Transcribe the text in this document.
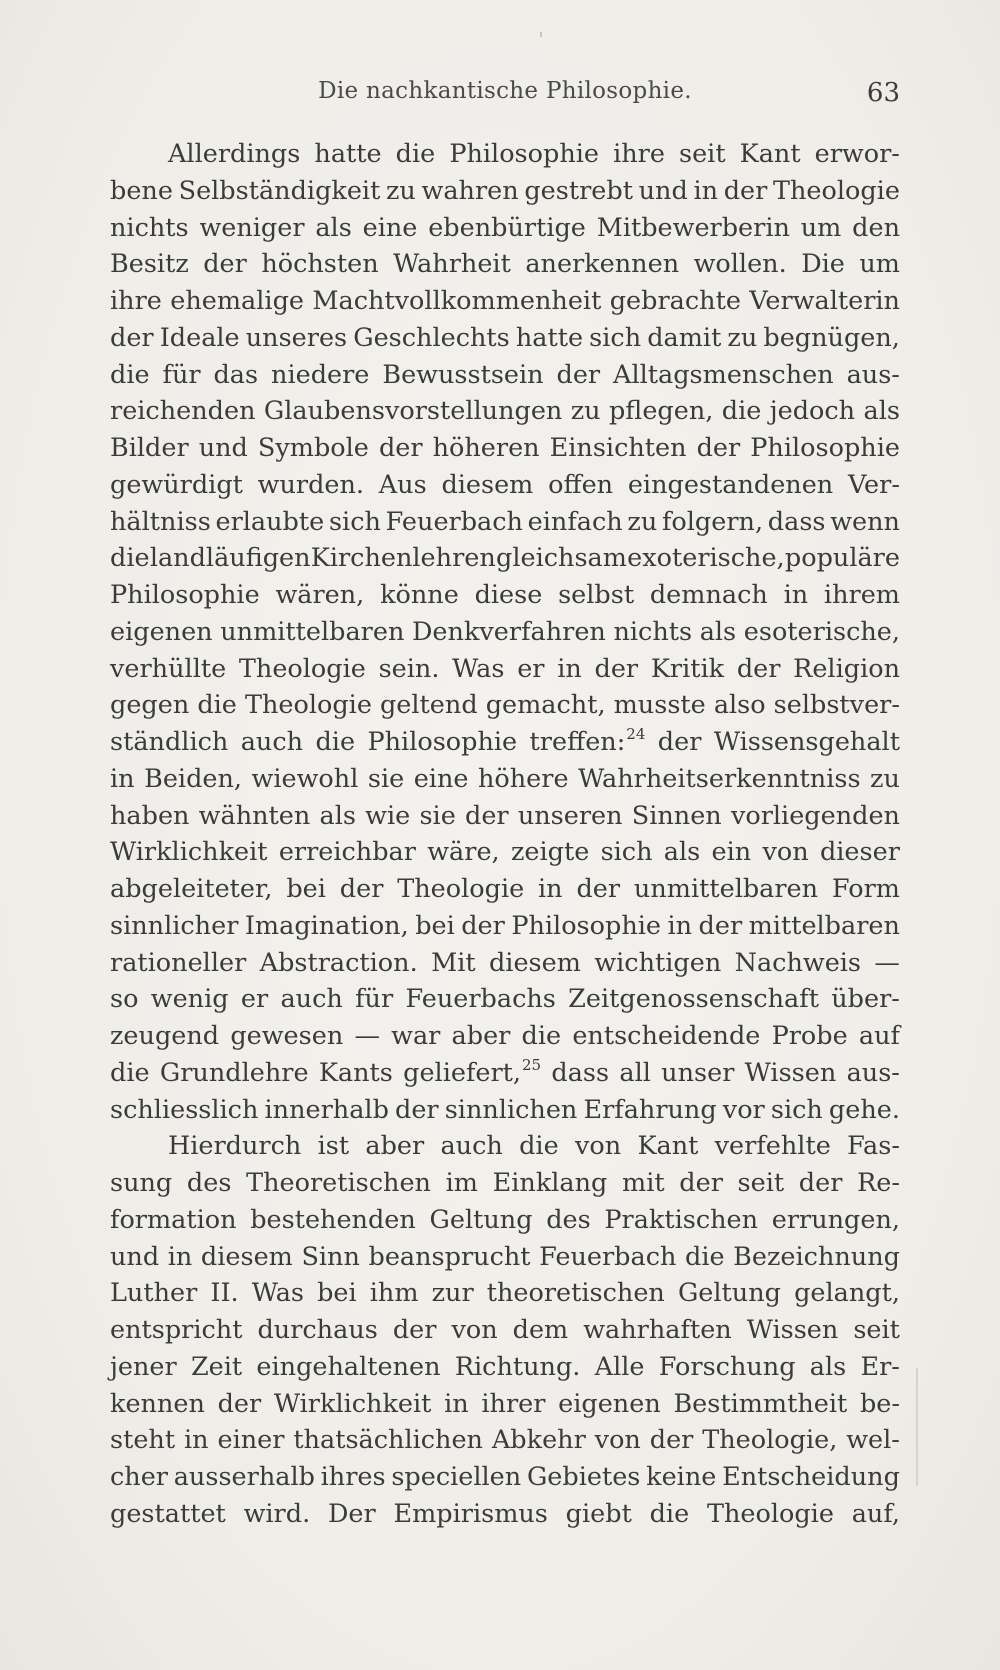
Die nachkantische Philosophie.	63
Allerdings hatte die Philosophie ihre seit Kant erwor-
bene Selbständigkeit zu wahren gestrebt und in der Theologie
nichts weniger als eine ebenbürtige Mitbewerberin um den
Besitz der höchsten Wahrheit anerkennen wollen. Die um
ihre ehemalige Machtvollkommenheit gebrachte Verwalterin
der Ideale unseres Geschlechts hatte sich damit zu begnügen,
die für das niedere Bewusstsein der Alltagsmenschen aus-
reichenden Glaubensvorstellungen zu pflegen, die jedoch als
Bilder und Symbole der höheren Einsichten der Philosophie
gewürdigt wurden. Aus diesem offen eingestandenen Ver-
hältniss erlaubte sich Feuerbach einfach zu folgern, dass wenn
die landläufigen Kirchenlehren gleichsam exoterische, populäre
Philosophie wären, könne diese selbst demnach in ihrem
eigenen unmittelbaren Denkverfahren nichts als esoterische,
verhüllte Theologie sein. Was er in der Kritik der Religion
gegen die Theologie geltend gemacht, musste also selbstver-
ständlich auch die Philosophie treffen:$^{24}$ der Wissensgehalt
in Beiden, wiewohl sie eine höhere Wahrheitserkenntniss zu
haben wähnten als wie sie der unseren Sinnen vorliegenden
Wirklichkeit erreichbar wäre, zeigte sich als ein von dieser
abgeleiteter, bei der Theologie in der unmittelbaren Form
sinnlicher Imagination, bei der Philosophie in der mittelbaren
rationeller Abstraction. Mit diesem wichtigen Nachweis —
so wenig er auch für Feuerbachs Zeitgenossenschaft über-
zeugend gewesen — war aber die entscheidende Probe auf
die Grundlehre Kants geliefert,$^{25}$ dass all unser Wissen aus-
schliesslich innerhalb der sinnlichen Erfahrung vor sich gehe.
Hierdurch ist aber auch die von Kant verfehlte Fas-
sung des Theoretischen im Einklang mit der seit der Re-
formation bestehenden Geltung des Praktischen errungen,
und in diesem Sinn beansprucht Feuerbach die Bezeichnung
Luther II. Was bei ihm zur theoretischen Geltung gelangt,
entspricht durchaus der von dem wahrhaften Wissen seit
jener Zeit eingehaltenen Richtung. Alle Forschung als Er-
kennen der Wirklichkeit in ihrer eigenen Bestimmtheit be-
steht in einer thatsächlichen Abkehr von der Theologie, wel-
cher ausserhalb ihres speciellen Gebietes keine Entscheidung
gestattet wird. Der Empirismus giebt die Theologie auf,
